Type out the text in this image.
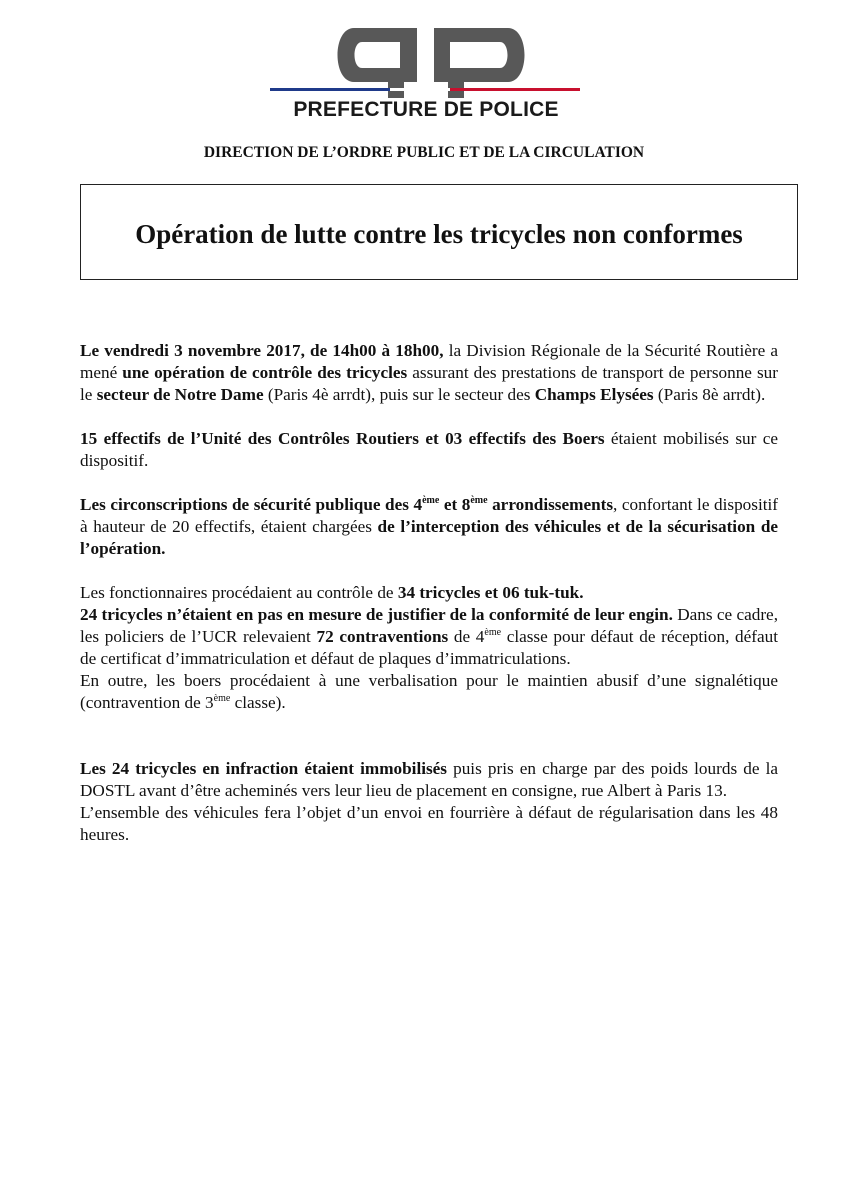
PREFECTURE DE POLICE
DIRECTION DE L’ORDRE PUBLIC ET DE LA CIRCULATION
Opération de lutte contre les tricycles non conformes

Le vendredi 3 novembre 2017, de 14h00 à 18h00, la Division Régionale de la Sécurité Routière a mené une opération de contrôle des tricycles assurant des prestations de transport de personne sur le secteur de Notre Dame (Paris 4è arrdt), puis sur le secteur des Champs Elysées (Paris 8è arrdt).

15 effectifs de l’Unité des Contrôles Routiers et 03 effectifs des Boers étaient mobilisés sur ce dispositif.

Les circonscriptions de sécurité publique des 4ème et 8ème arrondissements, confortant le dispositif à hauteur de 20 effectifs, étaient chargées de l’interception des véhicules et de la sécurisation de l’opération.

Les fonctionnaires procédaient au contrôle de 34 tricycles et 06 tuk-tuk.

24 tricycles n’étaient en pas en mesure de justifier de la conformité de leur engin. Dans ce cadre, les policiers de l’UCR relevaient 72 contraventions de 4ème classe pour défaut de réception, défaut de certificat d’immatriculation et défaut de plaques d’immatriculations.

En outre, les boers procédaient à une verbalisation pour le maintien abusif d’une signalétique (contravention de 3ème classe).

Les 24 tricycles en infraction étaient immobilisés puis pris en charge par des poids lourds de la DOSTL avant d’être acheminés vers leur lieu de placement en consigne, rue Albert à Paris 13.

L’ensemble des véhicules fera l’objet d’un envoi en fourrière à défaut de régularisation dans les 48 heures.
